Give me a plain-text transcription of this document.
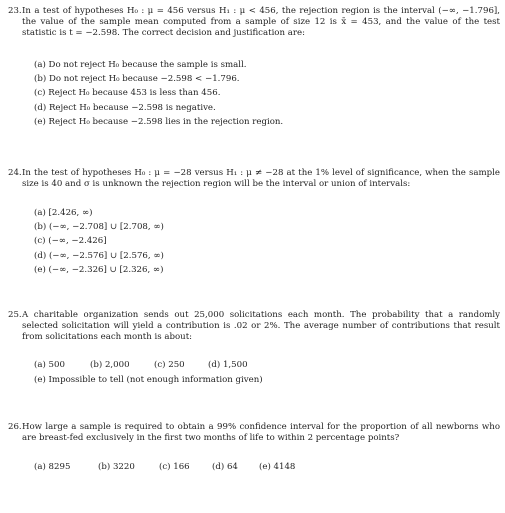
23. In a test of hypotheses H₀ : μ = 456 versus H₁ : μ < 456, the rejection region is the interval (−∞, −1.796], the value of the sample mean computed from a sample of size 12 is x̄ = 453, and the value of the test statistic is t = −2.598. The correct decision and justification are:
(a) Do not reject H₀ because the sample is small.
(b) Do not reject H₀ because −2.598 < −1.796.
(c) Reject H₀ because 453 is less than 456.
(d) Reject H₀ because −2.598 is negative.
(e) Reject H₀ because −2.598 lies in the rejection region.
24. In the test of hypotheses H₀ : μ = −28 versus H₁ : μ ≠ −28 at the 1% level of significance, when the sample size is 40 and σ is unknown the rejection region will be the interval or union of intervals:
(a) [2.426, ∞)
(b) (−∞, −2.708] ∪ [2.708, ∞)
(c) (−∞, −2.426]
(d) (−∞, −2.576] ∪ [2.576, ∞)
(e) (−∞, −2.326] ∪ [2.326, ∞)
25. A charitable organization sends out 25,000 solicitations each month. The probability that a randomly selected solicitation will yield a contribution is .02 or 2%. The average number of contributions that result from solicitations each month is about:
(a) 500	(b) 2,000	(c) 250	(d) 1,500
(e) Impossible to tell (not enough information given)
26. How large a sample is required to obtain a 99% confidence interval for the proportion of all newborns who are breast-fed exclusively in the first two months of life to within 2 percentage points?
(a) 8295	(b) 3220	(c) 166	(d) 64	(e) 4148
